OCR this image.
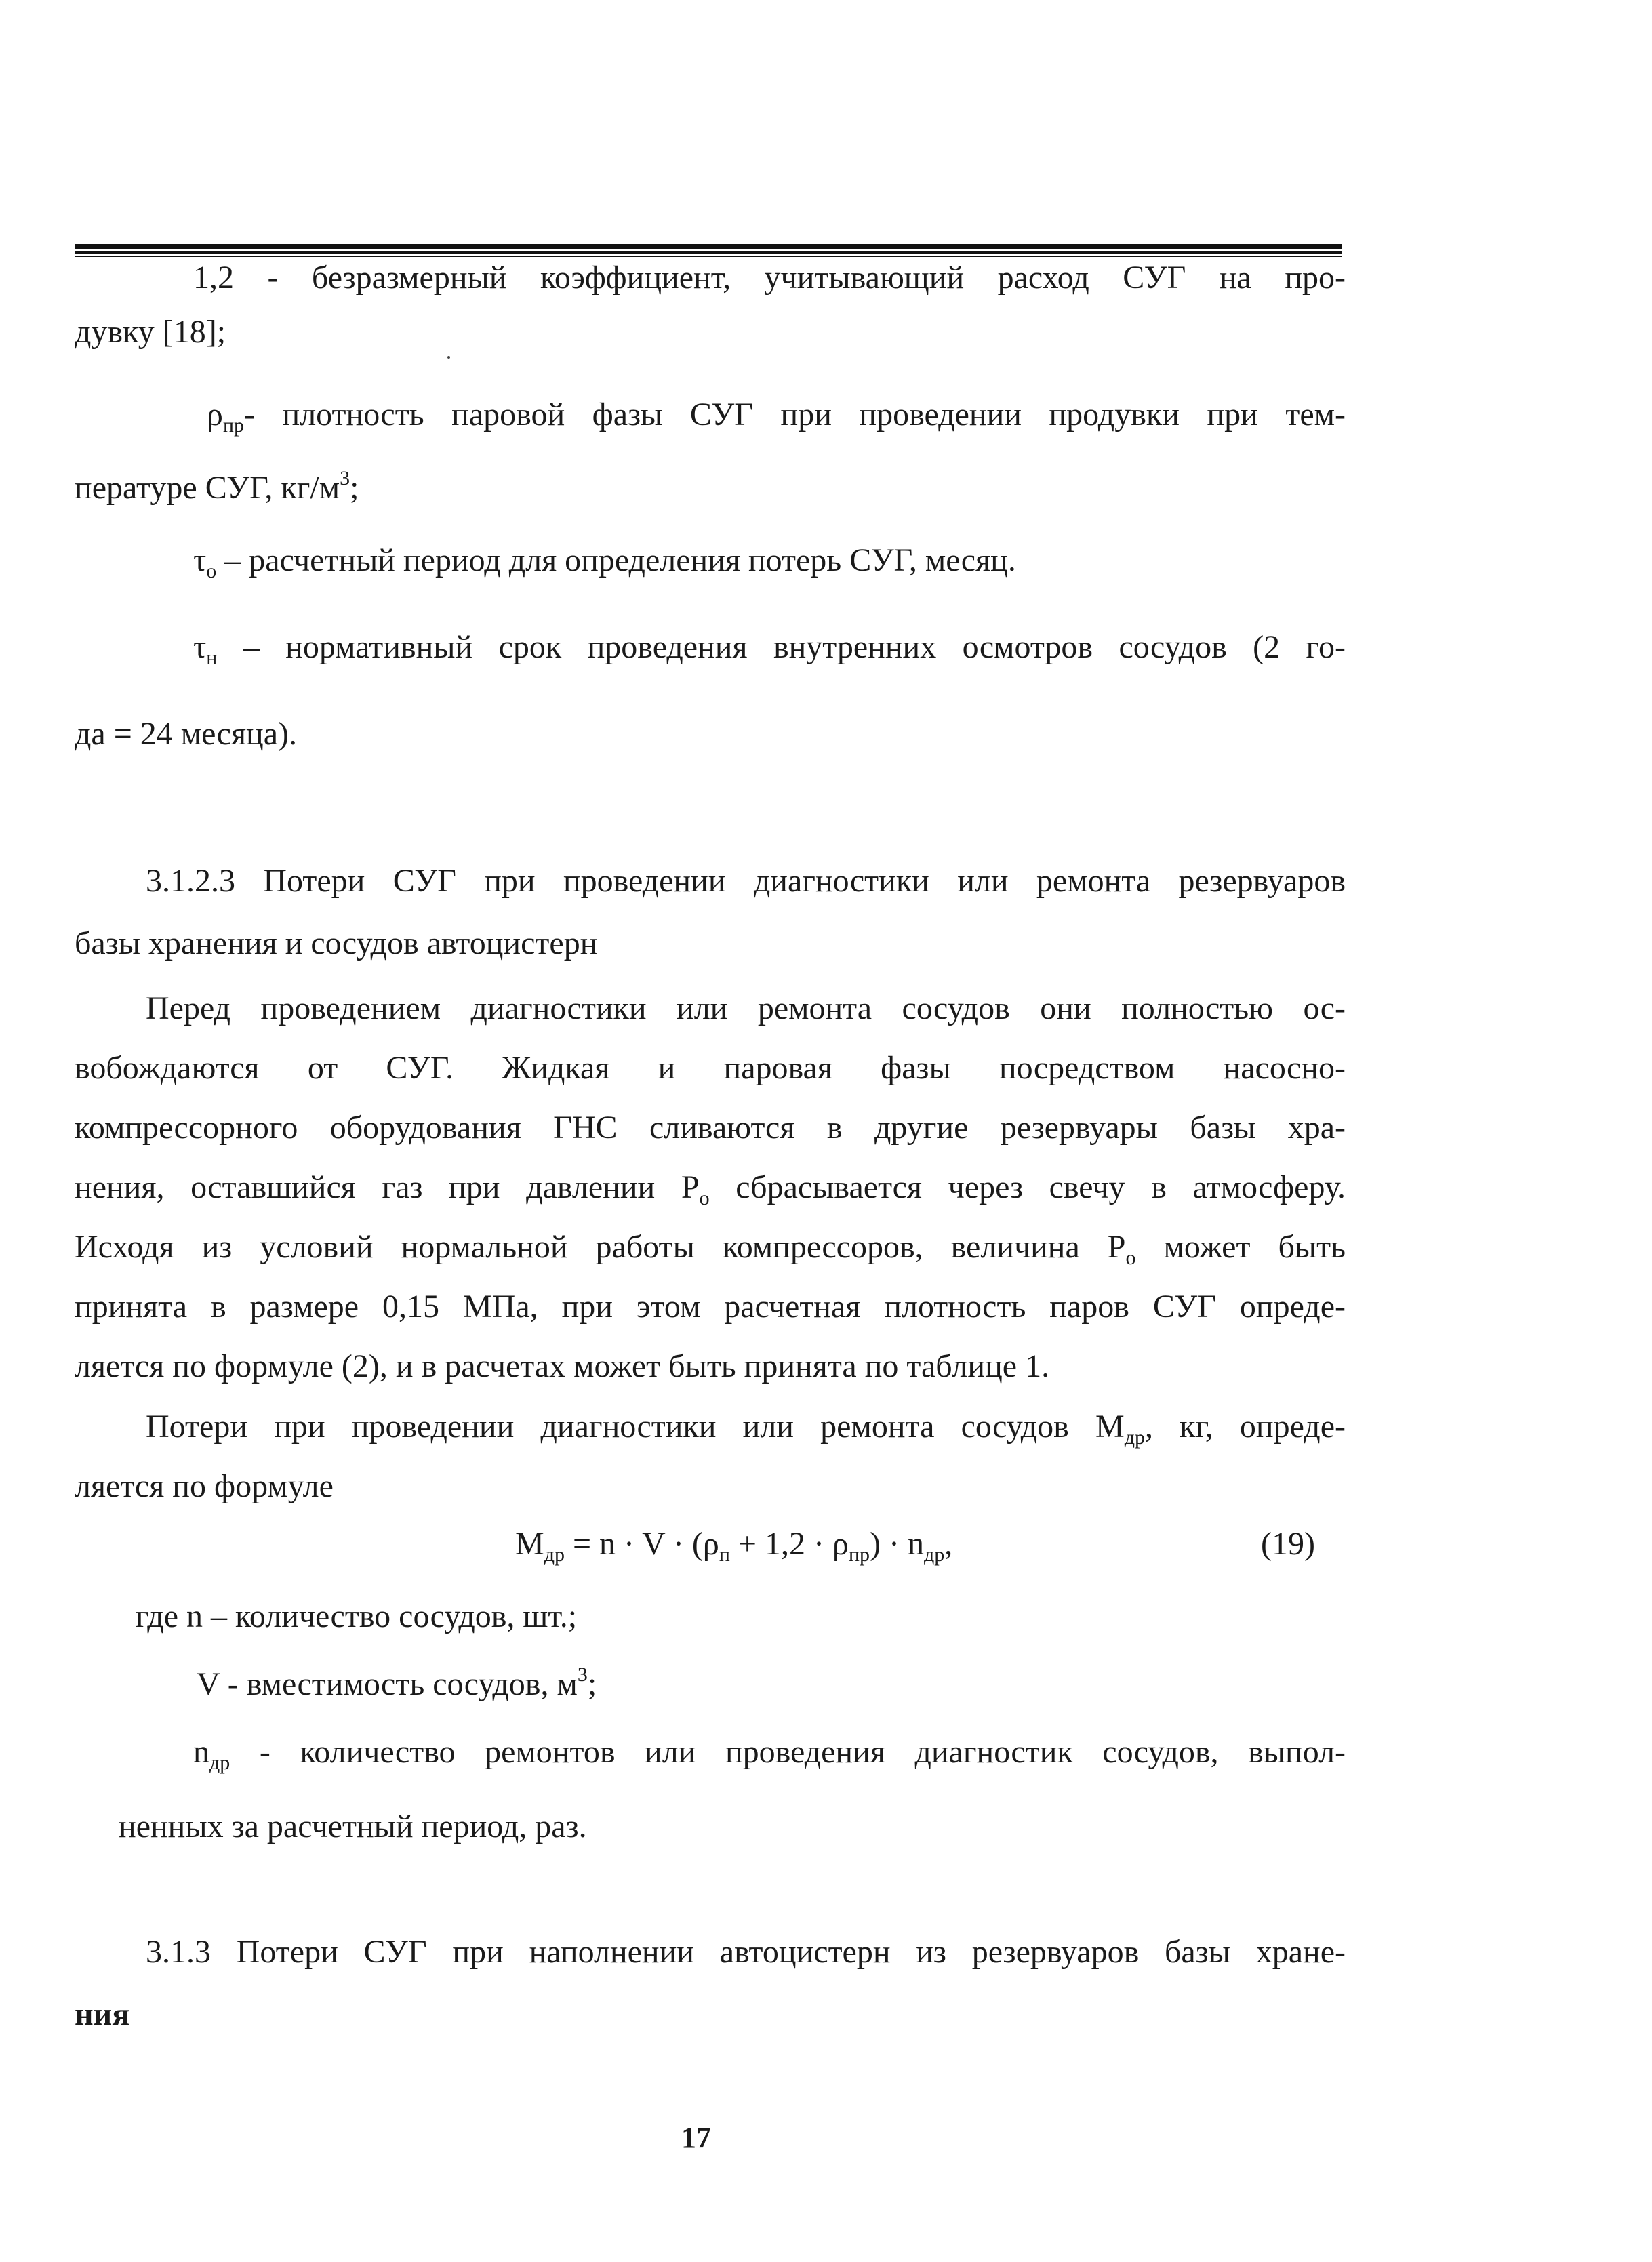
1,2 - безразмерный коэффициент, учитывающий расход СУГ на про-
дувку [18];
$\rho_{пр}-$ плотность паровой фазы СУГ при проведении продувки при тем-
пературе СУГ, $кг/м^3$;
$\tau_о$ – расчетный период для определения потерь СУГ, месяц.
$\tau_н$ – нормативный срок проведения внутренних осмотров сосудов (2 го-
да = 24 месяца).
3.1.2.3 Потери СУГ при проведении диагностики или ремонта резервуаров
базы хранения и сосудов автоцистерн
Перед проведением диагностики или ремонта сосудов они полностью ос-
вобождаются от СУГ. Жидкая и паровая фазы посредством насосно-
компрессорного оборудования ГНС сливаются в другие резервуары базы хра-
нения, оставшийся газ при давлении $P_o$ сбрасывается через свечу в атмосферу.
Исходя из условий нормальной работы компрессоров, величина $P_o$ может быть
принята в размере 0,15 МПа, при этом расчетная плотность паров СУГ опреде-
ляется по формуле (2), и в расчетах может быть принята по таблице 1.
Потери при проведении диагностики или ремонта сосудов $M_{др}$, кг, опреде-
ляется по формуле
$M_{др} = n \cdot V \cdot (\rho_п + 1,2 \cdot \rho_{пр}) \cdot n_{др}$,	(19)
где n – количество сосудов, шт.;
V - вместимость сосудов, $м^3$;
$n_{др}$ - количество ремонтов или проведения диагностик сосудов, выпол-
ненных за расчетный период, раз.
3.1.3 Потери СУГ при наполнении автоцистерн из резервуаров базы хране-
ния
17
